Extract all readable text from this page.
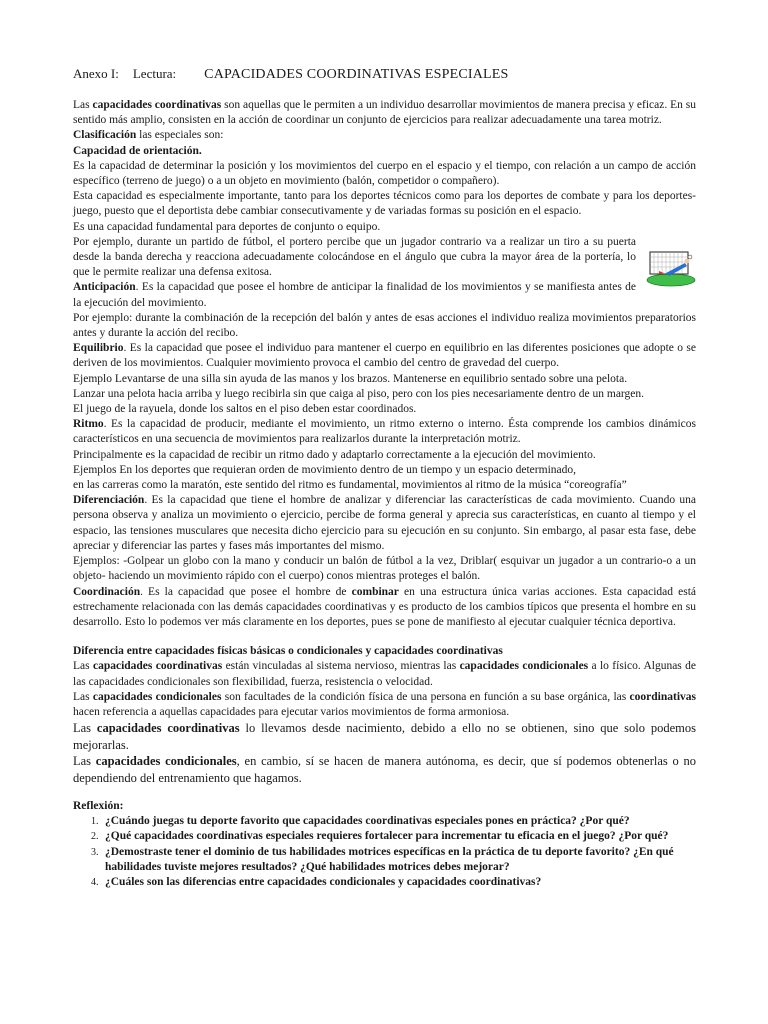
Anexo I: Lectura: CAPACIDADES COORDINATIVAS ESPECIALES

Las capacidades coordinativas son aquellas que le permiten a un individuo desarrollar movimientos de manera precisa y eficaz. En su sentido más amplio, consisten en la acción de coordinar un conjunto de ejercicios para realizar adecuadamente una tarea motriz.

Clasificación las especiales son:

Capacidad de orientación.

Es la capacidad de determinar la posición y los movimientos del cuerpo en el espacio y el tiempo, con relación a un campo de acción específico (terreno de juego) o a un objeto en movimiento (balón, competidor o compañero).

Esta capacidad es especialmente importante, tanto para los deportes técnicos como para los deportes de combate y para los deportes-juego, puesto que el deportista debe cambiar consecutivamente y de variadas formas su posición en el espacio.

Es una capacidad fundamental para deportes de conjunto o equipo.

Por ejemplo, durante un partido de fútbol, el portero percibe que un jugador contrario va a realizar un tiro a su puerta desde la banda derecha y reacciona adecuadamente colocándose en el ángulo que cubra la mayor área de la portería, lo que le permite realizar una defensa exitosa.

Anticipación. Es la capacidad que posee el hombre de anticipar la finalidad de los movimientos y se manifiesta antes de la ejecución del movimiento.

Por ejemplo: durante la combinación de la recepción del balón y antes de esas acciones el individuo realiza movimientos preparatorios antes y durante la acción del recibo.

Equilibrio. Es la capacidad que posee el individuo para mantener el cuerpo en equilibrio en las diferentes posiciones que adopte o se deriven de los movimientos. Cualquier movimiento provoca el cambio del centro de gravedad del cuerpo.

Ejemplo Levantarse de una silla sin ayuda de las manos y los brazos. Mantenerse en equilibrio sentado sobre una pelota.

Lanzar una pelota hacia arriba y luego recibirla sin que caiga al piso, pero con los pies necesariamente dentro de un margen.

El juego de la rayuela, donde los saltos en el piso deben estar coordinados.

Ritmo. Es la capacidad de producir, mediante el movimiento, un ritmo externo o interno. Ésta comprende los cambios dinámicos característicos en una secuencia de movimientos para realizarlos durante la interpretación motriz.

Principalmente es la capacidad de recibir un ritmo dado y adaptarlo correctamente a la ejecución del movimiento.

Ejemplos En los deportes que requieran orden de movimiento dentro de un tiempo y un espacio determinado,

en las carreras como la maratón, este sentido del ritmo es fundamental, movimientos al ritmo de la música “coreografía”

Diferenciación. Es la capacidad que tiene el hombre de analizar y diferenciar las características de cada movimiento. Cuando una persona observa y analiza un movimiento o ejercicio, percibe de forma general y aprecia sus características, en cuanto al tiempo y el espacio, las tensiones musculares que necesita dicho ejercicio para su ejecución en su conjunto. Sin embargo, al pasar esta fase, debe apreciar y diferenciar las partes y fases más importantes del mismo.

Ejemplos: -Golpear un globo con la mano y conducir un balón de fútbol a la vez, Driblar( esquivar un jugador a un contrario-o a un objeto- haciendo un movimiento rápido con el cuerpo) conos mientras proteges el balón.

Coordinación. Es la capacidad que posee el hombre de combinar en una estructura única varias acciones. Esta capacidad está estrechamente relacionada con las demás capacidades coordinativas y es producto de los cambios típicos que presenta el hombre en su desarrollo. Esto lo podemos ver más claramente en los deportes, pues se pone de manifiesto al ejecutar cualquier técnica deportiva.

Diferencia entre capacidades físicas básicas o condicionales y capacidades coordinativas

Las capacidades coordinativas están vinculadas al sistema nervioso, mientras las capacidades condicionales a lo físico. Algunas de las capacidades condicionales son flexibilidad, fuerza, resistencia o velocidad.

Las capacidades condicionales son facultades de la condición física de una persona en función a su base orgánica, las coordinativas hacen referencia a aquellas capacidades para ejecutar varios movimientos de forma armoniosa.

Las capacidades coordinativas lo llevamos desde nacimiento, debido a ello no se obtienen, sino que solo podemos mejorarlas.

Las capacidades condicionales, en cambio, sí se hacen de manera autónoma, es decir, que sí podemos obtenerlas o no dependiendo del entrenamiento que hagamos.

Reflexión:
1. ¿Cuándo juegas tu deporte favorito que capacidades coordinativas especiales pones en práctica? ¿Por qué?
2. ¿Qué capacidades coordinativas especiales requieres fortalecer para incrementar tu eficacia en el juego? ¿Por qué?
3. ¿Demostraste tener el dominio de tus habilidades motrices específicas en la práctica de tu deporte favorito? ¿En qué habilidades tuviste mejores resultados? ¿Qué habilidades motrices debes mejorar?
4. ¿Cuáles son las diferencias entre capacidades condicionales y capacidades coordinativas?
